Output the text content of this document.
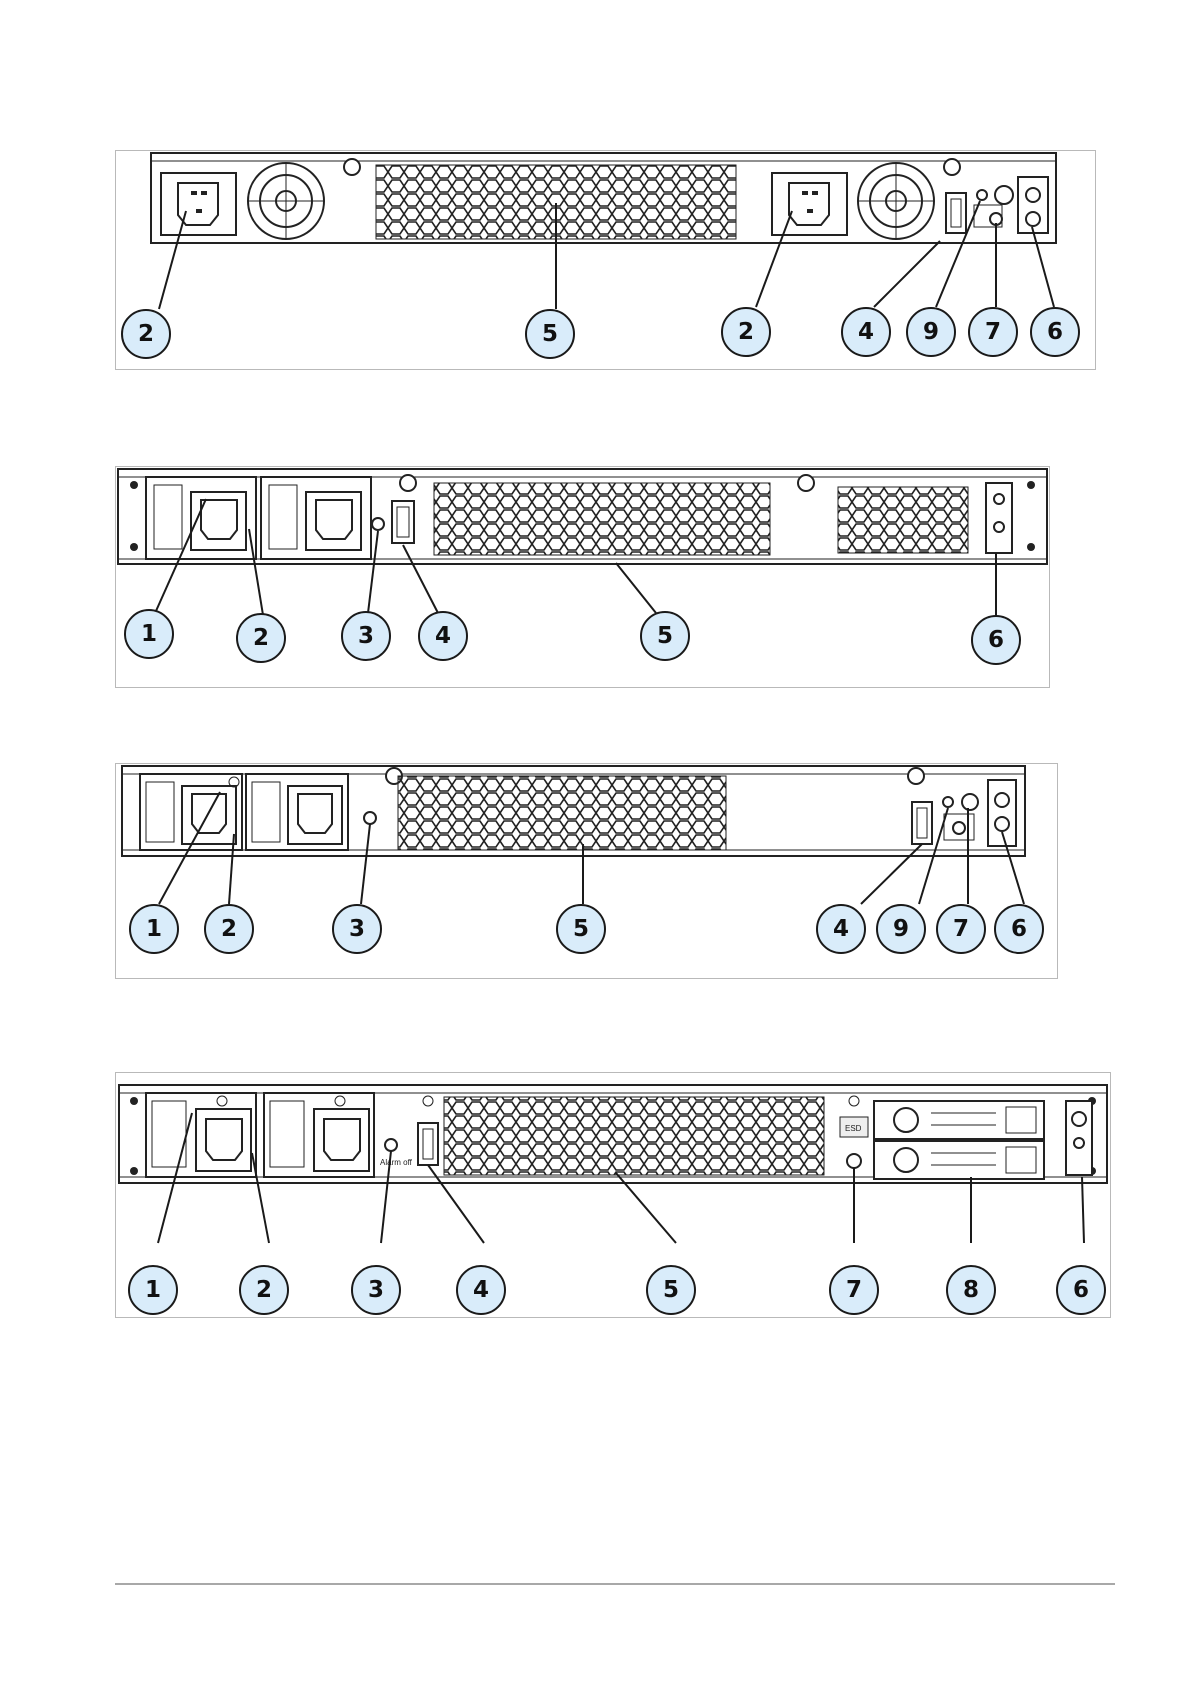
2	5	2	4	9	7	6
1	2	3	4	5	6
1	2	3	5	4	9	7	6
Alarm off
ESD
1	2	3	4	5	7	8	6
